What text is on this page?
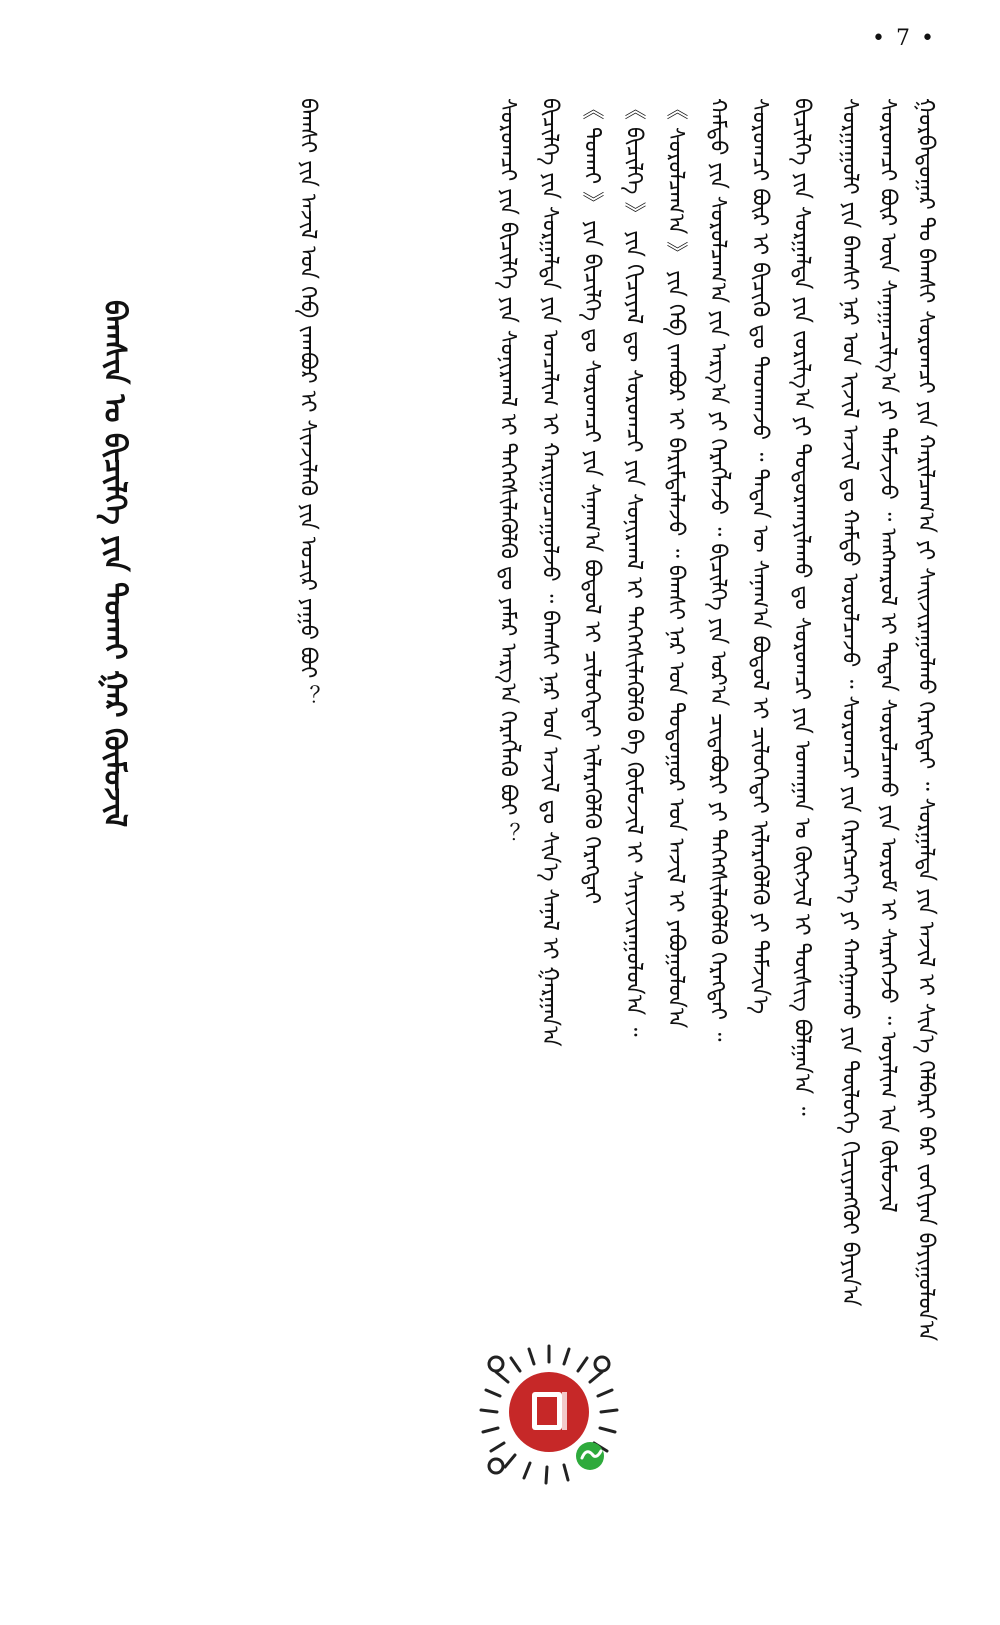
• 7 •
ᠪᠠᠭᠰᠢᠨ ᠤ ᠪᠢᠴᠢᠯᠭᠡ ᠶᠢᠨ ᠲᠣᠬᠠᠢ ᠭᠠᠷ ᠬᠥᠮᠦᠵᠢᠯ	ᠭᠤᠷᠪᠠᠳᠤᠭᠠᠷ ᠲᠤ ᠪᠠᠭᠰᠢ ᠰᠤᠷᠤᠭᠴᠢ ᠶᠢᠨ ᠬᠠᠷᠢᠯᠴᠠᠭ᠎ᠠ ᠶᠢ ᠰᠠᠢᠵᠢᠷᠠᠭᠤᠯᠬᠤ ᠬᠡᠷᠡᠭᠲᠡᠢ ᠃ ᠰᠤᠷᠭᠠᠯᠲᠠ ᠶᠢᠨ ᠠᠵᠢᠯ ᠢ ᠰᠢᠨ᠎ᠡ ᠬᠡᠯᠪᠡᠷᠢ ᠪᠡᠷ ᠵᠣᠬᠢᠶᠠᠨ ᠪᠠᠶᠢᠭᠤᠯᠤᠨ᠎ᠠ
ᠰᠤᠷᠤᠭᠴᠢ ᠪᠦᠷ ᠦᠨ ᠰᠠᠨᠠᠭᠠᠴᠢᠯᠭ᠎ᠠ ᠶᠢ ᠳᠡᠮᠵᠢᠵᠦ ᠃ ᠠᠩᠬᠠᠷᠤᠯ ᠢ ᠲᠠᠲᠠᠨ ᠰᠤᠷᠤᠯᠴᠠᠬᠤ ᠶᠢᠨ ᠤᠷᠤᠮ ᠢ ᠰᠡᠷᠡᠭᠡᠵᠦ ᠃ ᠤᠶᠠᠯᠢᠭ ᠢᠨ ᠬᠥᠮᠦᠵᠢᠯ
ᠰᠤᠷᠭᠠᠭᠤᠯᠢ ᠶᠢᠨ ᠪᠠᠭᠰᠢ ᠨᠠᠷ ᠤᠨ ᠢᠵᠢᠯ ᠠᠵᠢᠯ ᠳᠤ ᠬᠠᠮᠲᠤ ᠣᠷᠤᠯᠴᠠᠵᠤ ᠃ ᠰᠤᠷᠤᠭᠴᠢ ᠶᠢᠨ ᠬᠡᠷᠡᠭᠴᠡᠶ᠎ᠡ ᠶᠢ ᠬᠠᠩᠭᠠᠬᠤ ᠶᠢᠨ ᠲᠥᠯᠥᠭᠡ ᠬᠢᠴᠢᠶᠡᠩᠭᠦᠢ ᠪᠠᠶᠢᠨ᠎ᠠ
ᠪᠢᠴᠢᠯᠭᠡ ᠶᠢᠨ ᠰᠤᠷᠭᠠᠯᠲᠠ ᠶᠢᠨ ᠵᠣᠷᠢᠯᠭ᠎ᠠ ᠶᠢ ᠲᠣᠳᠣᠷᠬᠠᠶᠢᠯᠠᠬᠤ ᠳᠤ ᠰᠤᠷᠤᠭᠴᠢ ᠶᠢᠨ ᠤᠬᠠᠭᠠᠨ ᠤ ᠬᠥᠭᠵᠢᠯ ᠢ ᠲᠦᠰᠢᠭ ᠪᠣᠯᠭᠠᠨ᠎ᠠ ᠃
ᠰᠤᠷᠤᠭᠴᠢ ᠪᠦᠷ ᠢ ᠪᠢᠴᠢᠬᠦ ᠳᠤ ᠳᠠᠳᠬᠠᠵᠤ ᠃ ᠲᠡᠳᠡᠨ ᠦ ᠰᠠᠨᠠᠭ᠎ᠠ ᠪᠣᠳᠤᠯ ᠢ ᠴᠢᠯᠦᠭᠡᠲᠡᠢ ᠢᠯᠡᠷᠡᠭᠦᠯᠬᠦ ᠶᠢ ᠳᠡᠮᠵᠢᠨ᠎ᠡ
ᠬᠠᠮᠲᠤ ᠶᠢᠨ ᠰᠤᠷᠤᠯᠴᠠᠭ᠎ᠠ ᠶᠢᠨ ᠠᠷᠭ᠎ᠠ ᠶᠢ ᠬᠡᠷᠡᠭᠯᠡᠵᠦ ᠃ ᠪᠢᠴᠢᠯᠭᠡ ᠶᠢᠨ ᠤᠷ᠎ᠠ ᠴᠢᠳᠠᠪᠤᠷᠢ ᠶᠢ ᠳᠡᠭᠡᠭᠰᠢᠯᠡᠭᠦᠯᠬᠦ ᠬᠡᠷᠡᠭᠲᠡᠢ ᠃
《 ᠰᠤᠷᠤᠯᠴᠠᠭ᠎ᠠ 》 ᠶᠢᠨ ᠬᠡᠪ ᠵᠠᠭᠪᠤᠷ ᠢ ᠪᠠᠷᠢᠮᠲᠠᠯᠠᠵᠤ ᠃ ᠪᠠᠭᠰᠢ ᠨᠠᠷ ᠤᠨ ᠳᠤᠲᠤᠭᠤᠷ ᠤᠨ ᠠᠵᠢᠯ ᠢ ᠶᠠᠪᠤᠭᠤᠯᠤᠨ᠎ᠠ
《 ᠪᠢᠴᠢᠯᠭᠡ 》 ᠶᠢᠨ ᠬᠢᠴᠢᠶᠡᠯ ᠳᠦ ᠰᠤᠷᠤᠭᠴᠢ ᠶᠢᠨ ᠰᠣᠨᠢᠷᠬᠠᠯ ᠢ ᠳᠡᠭᠡᠭᠰᠢᠯᠡᠭᠦᠯᠬᠦ ᠪᠠ ᠬᠥᠮᠦᠵᠢᠯ ᠢ ᠰᠠᠶᠢᠵᠢᠷᠠᠭᠤᠯᠤᠨ᠎ᠠ ᠃
《 ᠲᠣᠬᠠᠢ 》 ᠶᠢᠨ ᠪᠢᠴᠢᠯᠭᠡ ᠳᠤ ᠰᠤᠷᠤᠭᠴᠢ ᠶᠢᠨ ᠰᠠᠨᠠᠭ᠎ᠠ ᠪᠣᠳᠤᠯ ᠢ ᠴᠢᠯᠦᠭᠡᠲᠡᠢ ᠢᠯᠡᠷᠡᠭᠦᠯᠬᠦ ᠬᠡᠷᠡᠭᠲᠡᠢ
ᠪᠢᠴᠢᠯᠭᠡ ᠶᠢᠨ ᠰᠤᠷᠭᠠᠯᠲᠠ ᠶᠢᠨ ᠣᠨᠴᠠᠯᠢᠭ ᠢ ᠬᠠᠷᠢᠭᠤᠴᠠᠭᠤᠯᠵᠤ ᠃ ᠪᠠᠭᠰᠢ ᠨᠠᠷ ᠤᠨ ᠠᠵᠢᠯ ᠳᠤ ᠰᠢᠨ᠎ᠡ ᠰᠠᠨᠠᠯ ᠢ ᠭᠠᠷᠭᠠᠨ᠎ᠠ
ᠰᠤᠷᠤᠭᠴᠢ ᠶᠢᠨ ᠪᠢᠴᠢᠯᠭᠡ ᠶᠢᠨ ᠰᠣᠨᠢᠷᠬᠠᠯ ᠢ ᠳᠡᠭᠡᠭᠰᠢᠯᠡᠭᠦᠯᠬᠦ ᠳᠤ ᠶᠠᠮᠠᠷ ᠠᠷᠭ᠎ᠠ ᠬᠡᠷᠡᠭᠯᠡᠬᠦ ᠪᠤᠢ ？
ᠪᠠᠭᠰᠢ ᠶᠢᠨ ᠠᠵᠢᠯ ᠤᠨ ᠬᠡᠪ ᠵᠠᠭᠪᠤᠷ ᠢ ᠰᠢᠨᠵᠢᠯᠡᠬᠦ ᠶᠢᠨ ᠤᠴᠢᠷ ᠶᠠᠭᠤ ᠪᠤᠢ ？
